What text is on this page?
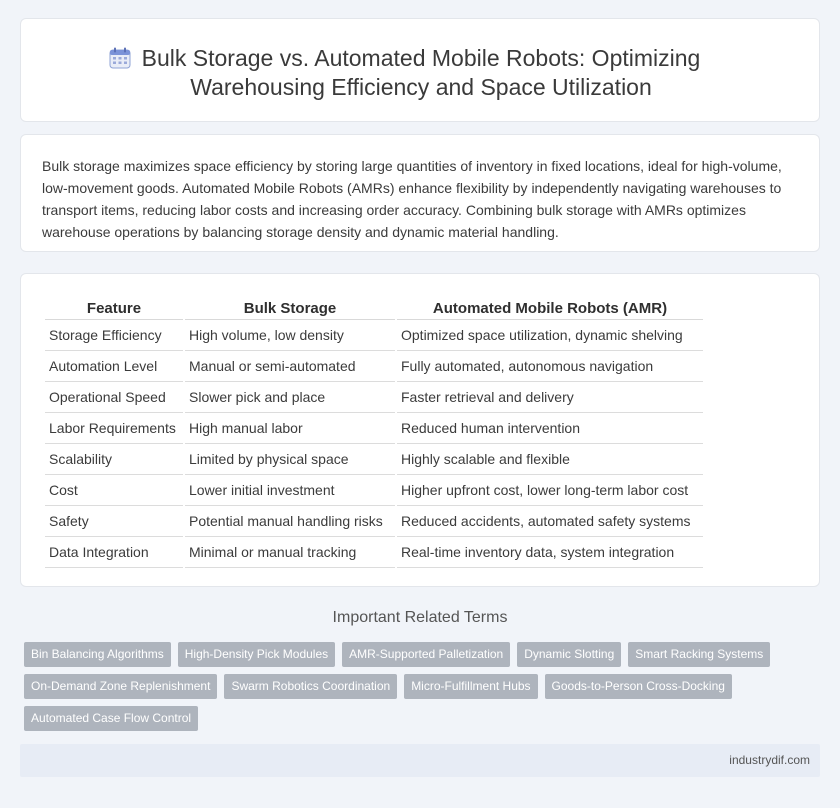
Bulk Storage vs. Automated Mobile Robots: Optimizing
Warehousing Efficiency and Space Utilization

Bulk storage maximizes space efficiency by storing large quantities of inventory in fixed locations, ideal for high-volume, low-movement goods. Automated Mobile Robots (AMRs) enhance flexibility by independently navigating warehouses to transport items, reducing labor costs and increasing order accuracy. Combining bulk storage with AMRs optimizes warehouse operations by balancing storage density and dynamic material handling.

Feature	Bulk Storage	Automated Mobile Robots (AMR)
Storage Efficiency	High volume, low density	Optimized space utilization, dynamic shelving
Automation Level	Manual or semi-automated	Fully automated, autonomous navigation
Operational Speed	Slower pick and place	Faster retrieval and delivery
Labor Requirements	High manual labor	Reduced human intervention
Scalability	Limited by physical space	Highly scalable and flexible
Cost	Lower initial investment	Higher upfront cost, lower long-term labor cost
Safety	Potential manual handling risks	Reduced accidents, automated safety systems
Data Integration	Minimal or manual tracking	Real-time inventory data, system integration
Important Related Terms
Bin Balancing Algorithms	High-Density Pick Modules	AMR-Supported Palletization	Dynamic Slotting	Smart Racking Systems
On-Demand Zone Replenishment	Swarm Robotics Coordination	Micro-Fulfillment Hubs	Goods-to-Person Cross-Docking
Automated Case Flow Control
industrydif.com
